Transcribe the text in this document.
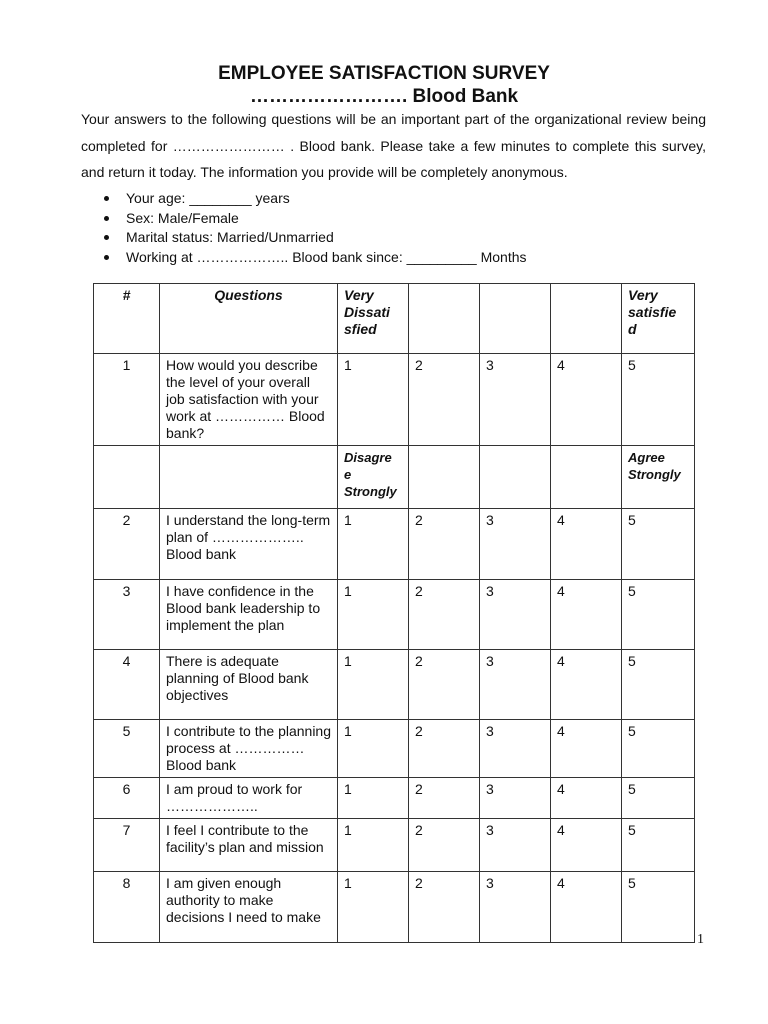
EMPLOYEE SATISFACTION SURVEY
……………………. Blood Bank
Your answers to the following questions will be an important part of the organizational review being completed for …………………… . Blood bank. Please take a few minutes to complete this survey, and return it today. The information you provide will be completely anonymous.
Your age: ________ years
Sex: Male/Female
Marital status: Married/Unmarried
Working at ……………….. Blood bank since: _________ Months
#	Questions	Very Dissati sfied				Very satisfie d
1	How would you describe the level of your overall job satisfaction with your work at …………… Blood bank?	1	2	3	4	5
		Disagre e Strongly				Agree Strongly
2	I understand the long-term plan of ……………….. Blood bank	1	2	3	4	5
3	I have confidence in the Blood bank leadership to implement the plan	1	2	3	4	5
4	There is adequate planning of Blood bank objectives	1	2	3	4	5
5	I contribute to the planning process at …………… Blood bank	1	2	3	4	5
6	I am proud to work for ………………..	1	2	3	4	5
7	I feel I contribute to the facility’s plan and mission	1	2	3	4	5
8	I am given enough authority to make decisions I need to make	1	2	3	4	5
1
